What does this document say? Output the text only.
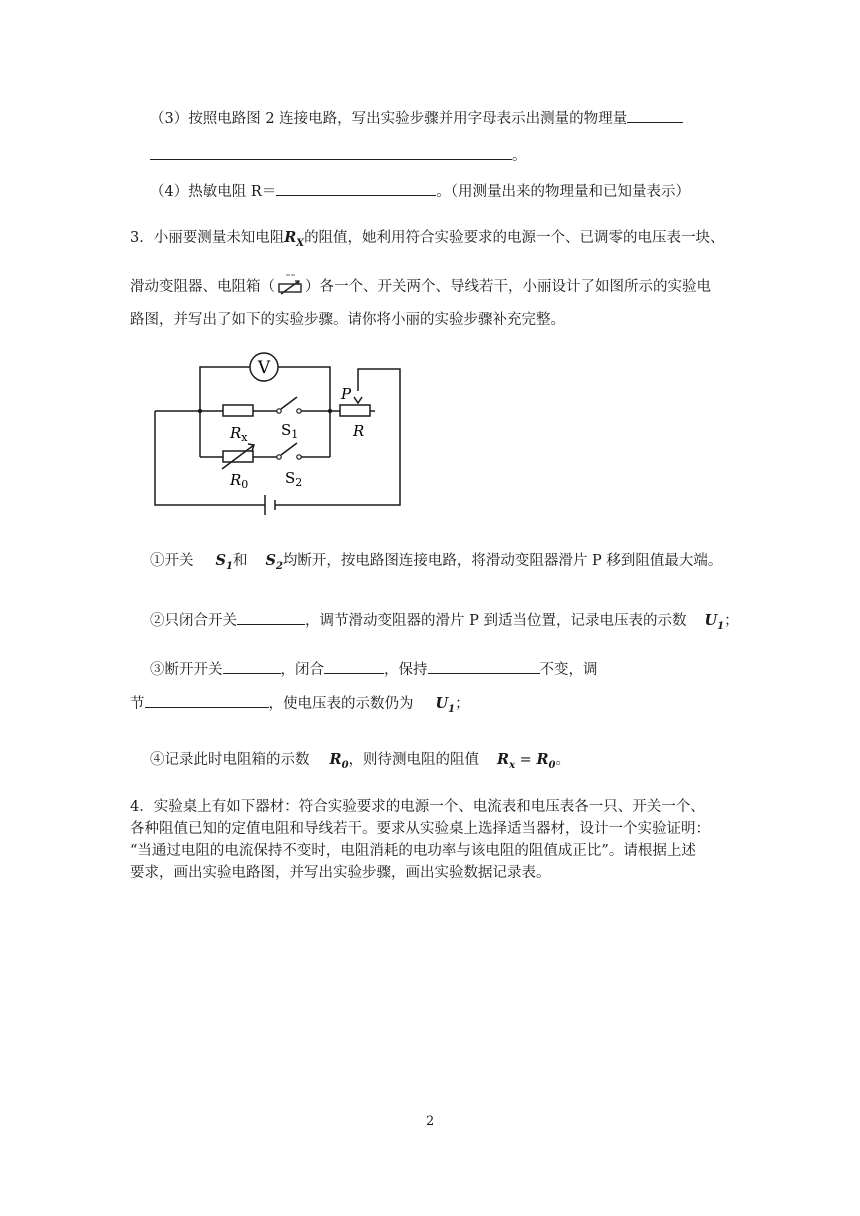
（3）按照电路图 2 连接电路，写出实验步骤并用字母表示出测量的物理量
。
（4）热敏电阻 R＝	。（用测量出来的物理量和已知量表示）
3．小丽要测量未知电阻$R_X$的阻值，她利用符合实验要求的电源一个、已调零的电压表一块、
滑动变阻器、电阻箱（ ）各一个、开关两个、导线若干，小丽设计了如图所示的实验电
路图，并写出了如下的实验步骤。请你将小丽的实验步骤补充完整。
V
$R_x$ $S_1$
$R_0$ $S_2$
P
R
①开关 $S_1$和 $S_2$均断开，按电路图连接电路，将滑动变阻器滑片 P 移到阻值最大端。
②只闭合开关	，调节滑动变阻器的滑片 P 到适当位置，记录电压表的示数 $U_1$；
③断开开关	，闭合	，保持	不变，调
节	，使电压表的示数仍为 $U_1$；
④记录此时电阻箱的示数 $R_0$，则待测电阻的阻值 $R_x = R_0$。
4．实验桌上有如下器材：符合实验要求的电源一个、电流表和电压表各一只、开关一个、
各种阻值已知的定值电阻和导线若干。要求从实验桌上选择适当器材，设计一个实验证明：
“当通过电阻的电流保持不变时，电阻消耗的电功率与该电阻的阻值成正比”。请根据上述
要求，画出实验电路图，并写出实验步骤，画出实验数据记录表。
2
